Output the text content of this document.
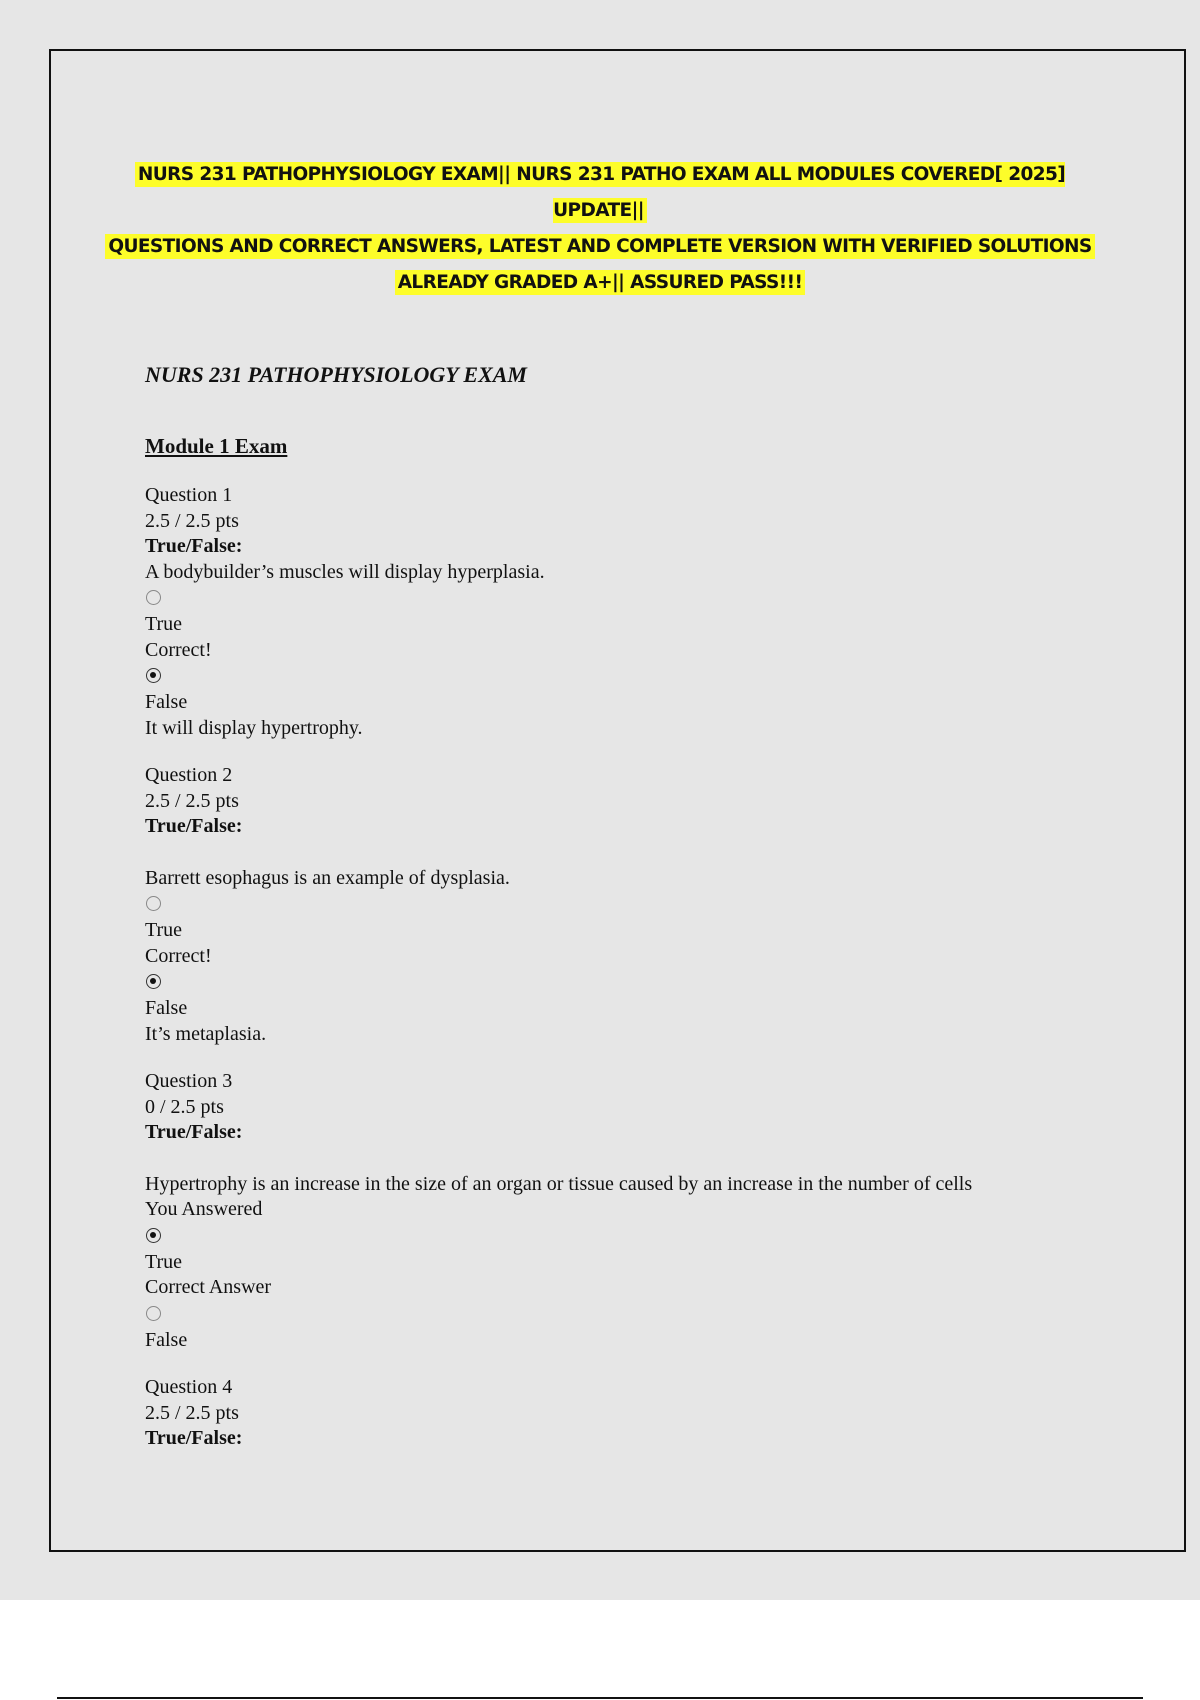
NURS 231 PATHOPHYSIOLOGY EXAM|| NURS 231 PATHO EXAM ALL MODULES COVERED[ 2025] UPDATE||
QUESTIONS AND CORRECT ANSWERS, LATEST AND COMPLETE VERSION WITH VERIFIED SOLUTIONS
ALREADY GRADED A+|| ASSURED PASS!!!
NURS 231 PATHOPHYSIOLOGY EXAM
Module 1 Exam
Question 1
2.5 / 2.5 pts
True/False:
A bodybuilder’s muscles will display hyperplasia.
True
Correct!
False
It will display hypertrophy.
Question 2
2.5 / 2.5 pts
True/False:
Barrett esophagus is an example of dysplasia.
True
Correct!
False
It’s metaplasia.
Question 3
0 / 2.5 pts
True/False:
Hypertrophy is an increase in the size of an organ or tissue caused by an increase in the number of cells
You Answered
True
Correct Answer
False
Question 4
2.5 / 2.5 pts
True/False:
